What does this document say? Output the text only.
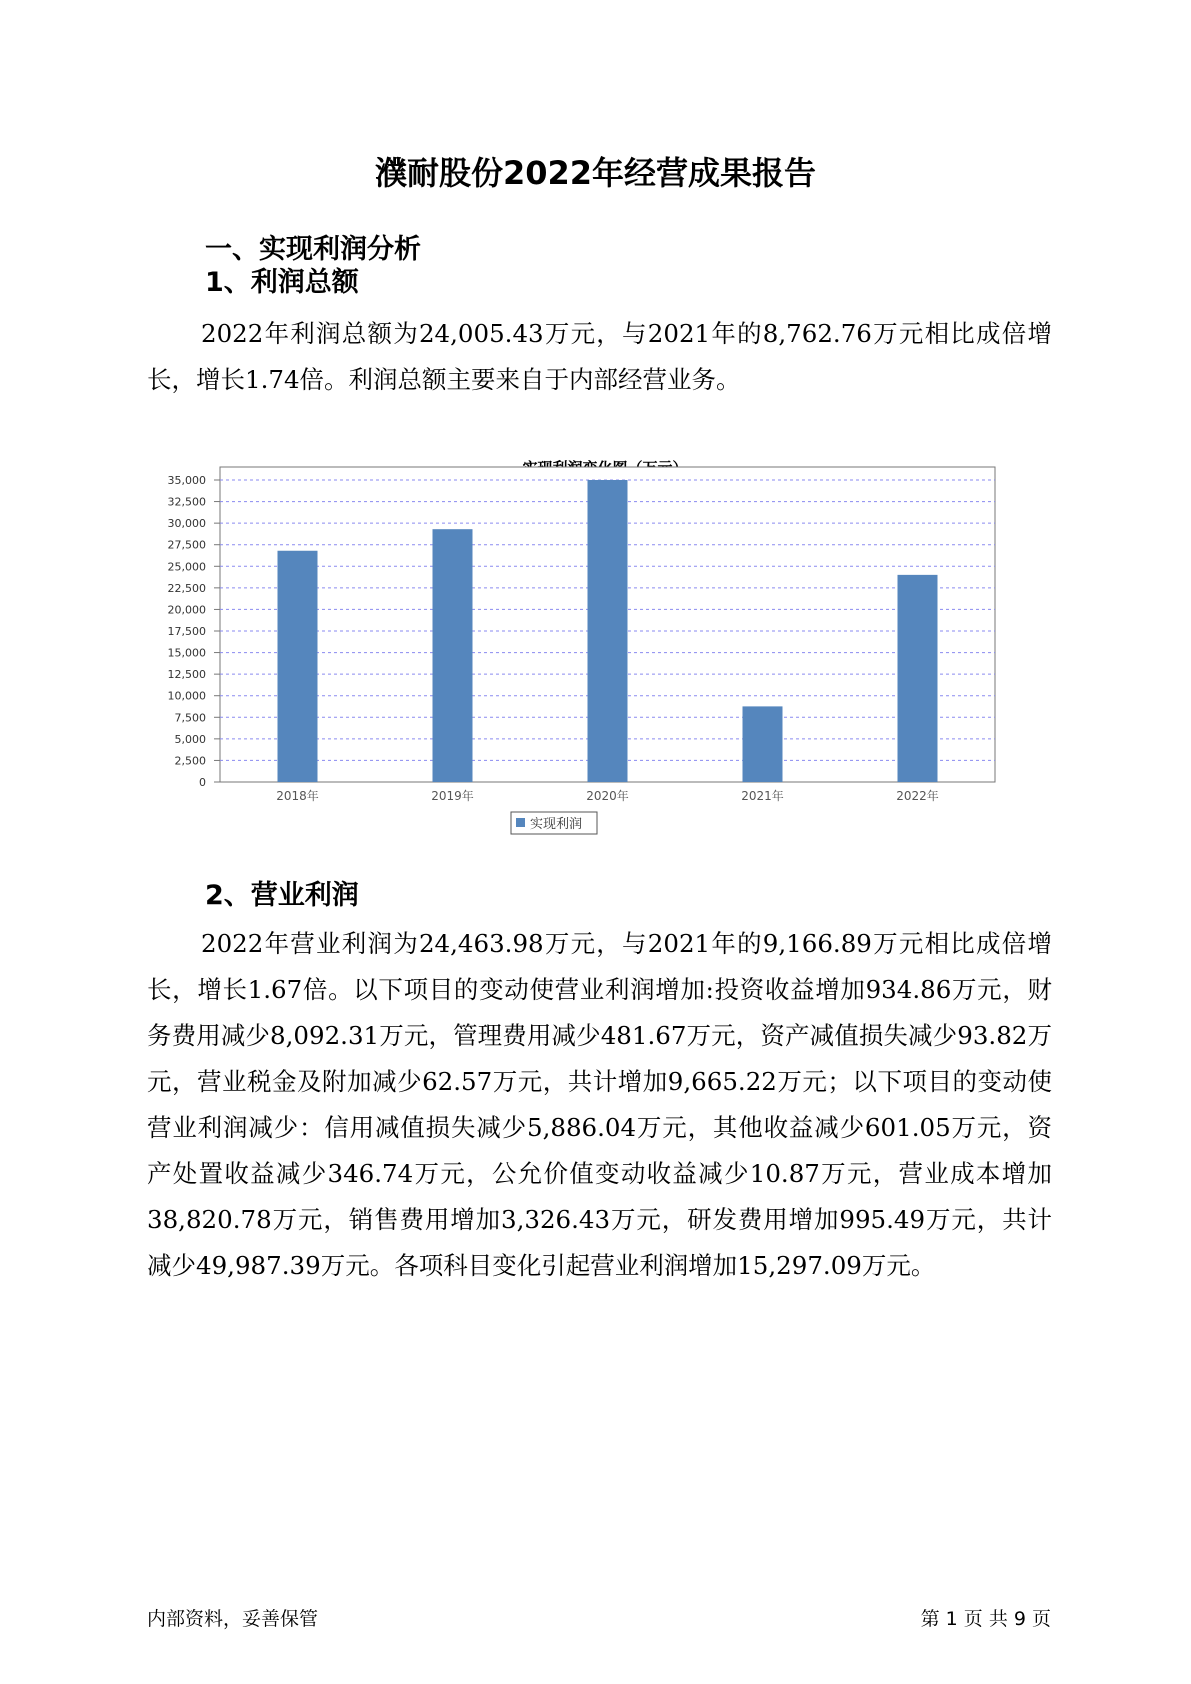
濮耐股份2022年经营成果报告
一、实现利润分析
1、利润总额
2022年利润总额为24,005.43万元，与2021年的8,762.76万元相比成倍增长，增长1.74倍。利润总额主要来自于内部经营业务。
0
2,500
5,000
7,500
10,000
12,500
15,000
17,500
20,000
22,500
25,000
27,500
30,000
32,500
35,000
2018年	2019年	2020年	2021年	2022年
实现利润
2、营业利润
2022年营业利润为24,463.98万元，与2021年的9,166.89万元相比成倍增长，增长1.67倍。以下项目的变动使营业利润增加:投资收益增加934.86万元，财务费用减少8,092.31万元，管理费用减少481.67万元，资产减值损失减少93.82万元，营业税金及附加减少62.57万元，共计增加9,665.22万元；以下项目的变动使营业利润减少：信用减值损失减少5,886.04万元，其他收益减少601.05万元，资产处置收益减少346.74万元，公允价值变动收益减少10.87万元，营业成本增加38,820.78万元，销售费用增加3,326.43万元，研发费用增加995.49万元，共计减少49,987.39万元。各项科目变化引起营业利润增加15,297.09万元。
内部资料，妥善保管	第 1 页 共 9 页
